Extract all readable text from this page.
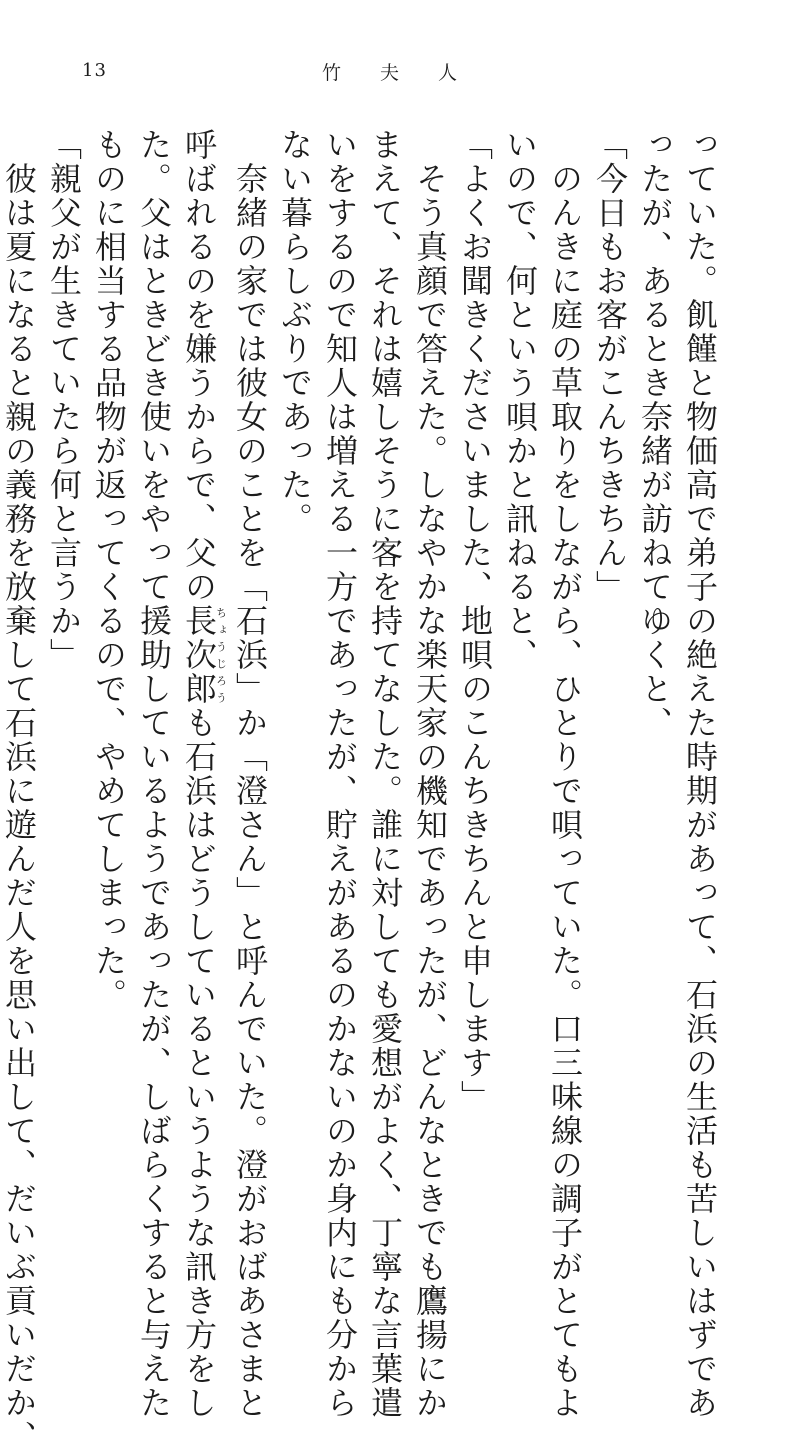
13	竹	夫	人
っていた。飢饉と物価高で弟子の絶えた時期があって、石浜の生活も苦しいはずであ
ったが、あるとき奈緒が訪ねてゆくと、
「今日もお客がこんちきちん」
のんきに庭の草取りをしながら、ひとりで唄っていた。口三味線の調子がとてもよ
いので、何という唄かと訊ねると、
「よくお聞きくださいました、地唄のこんちきちんと申します」
そう真顔で答えた。しなやかな楽天家の機知であったが、どんなときでも鷹揚にか
まえて、それは嬉しそうに客を持てなした。誰に対しても愛想がよく、丁寧な言葉遣
いをするので知人は増える一方であったが、貯えがあるのかないのか身内にも分から
ない暮らしぶりであった。
奈緒の家では彼女のことを「石浜」か「澄さん」と呼んでいた。澄がおばあさまと
呼ばれるのを嫌うからで、父の長次郎ちょうじろうも石浜はどうしているというような訊き方をし
た。父はときどき使いをやって援助しているようであったが、しばらくすると与えた
ものに相当する品物が返ってくるので、やめてしまった。
「親父が生きていたら何と言うか」
彼は夏になると親の義務を放棄して石浜に遊んだ人を思い出して、だいぶ貢いだか、
